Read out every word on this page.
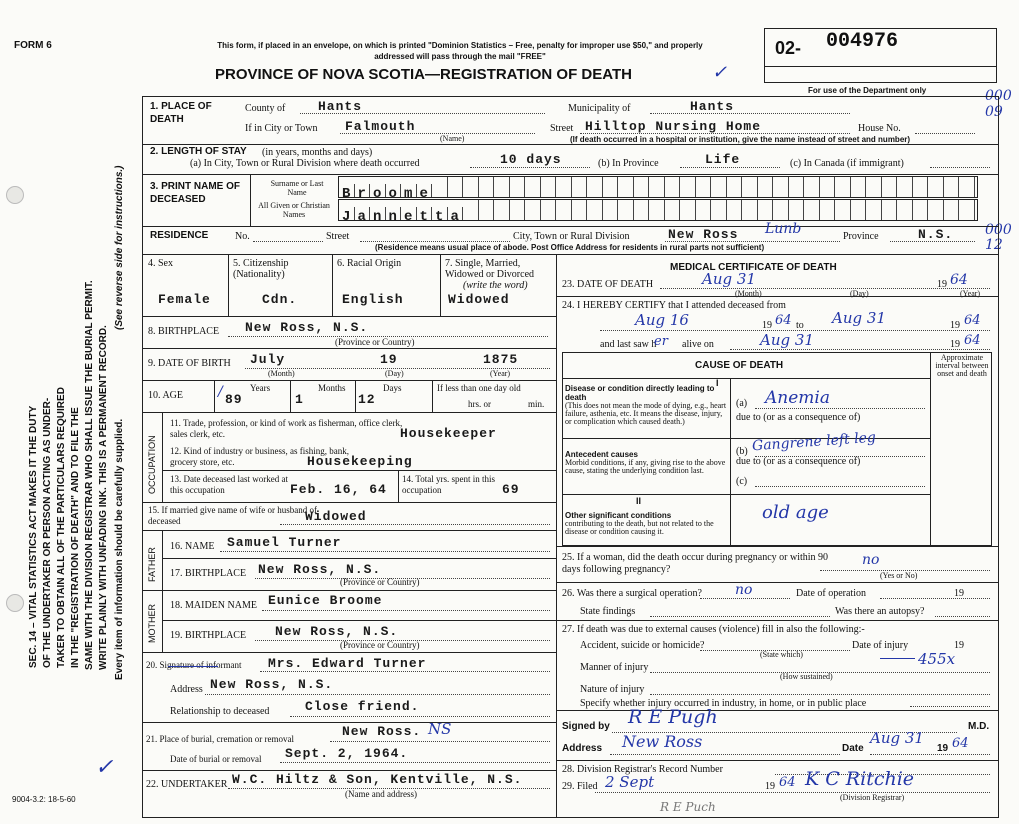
FORM 6	This form, if placed in an envelope, on which is printed "Dominion Statistics – Free, penalty for improper use $50," and properly addressed will pass through the mail "FREE"
PROVINCE OF NOVA SCOTIA—REGISTRATION OF DEATH	✓
02- 004976
For use of the Department only	000
09
000
12
SEC. 14 – VITAL STATISTICS ACT MAKES IT THE DUTY OF THE UNDERTAKER OR PERSON ACTING AS UNDER- TAKER TO OBTAIN ALL OF THE PARTICULARS REQUIRED IN THE "REGISTRATION OF DEATH" AND TO FILE THE SAME WITH THE DIVISION REGISTRAR WHO SHALL ISSUE THE BURIAL PERMIT. WRITE PLAINLY WITH UNFADING INK. THIS IS A PERMANENT RECORD.
(See reverse side for instructions.)
Every item of information should be carefully supplied.
✓
9004-3.2: 18-5-60
1. PLACE OF DEATH
County of	Hants	Municipality of	Hants
If in City or Town Falmouth
(Name)
Street Hilltop Nursing Home	House No.
(If death occurred in a hospital or institution, give the name instead of street and number)
2. LENGTH OF STAY (in years, months and days)
(a) In City, Town or Rural Division where death occurred	10 days	(b) In Province	Life	(c) In Canada (if immigrant)
3. PRINT NAME OF DECEASED
Surname or Last Name
All Given or Christian Names
B r o o m e
J a n n e t t a
RESIDENCE	No.	Street	City, Town or Rural Division	New Ross Lunb	Province	N.S.
(Residence means usual place of abode. Post Office Address for residents in rural parts not sufficient)
4. Sex	5. Citizenship (Nationality)
6. Racial Origin	7. Single, Married, Widowed or Divorced
(write the word)
Female	Cdn.	English	Widowed
8. BIRTHPLACE New Ross, N.S.
(Province or Country)
9. DATE OF BIRTH July	19	1875
(Month)	(Day)	(Year)
10. AGE
Years
89
Months
1
Days
12
If less than one day old
hrs. or	min.
/
OCCUPATION
11. Trade, profession, or kind of work as fisherman, office clerk, sales clerk, etc.	Housekeeper
12. Kind of industry or business, as fishing, bank, grocery store, etc.	Housekeeping
13. Date deceased last worked at this occupation	Feb. 16, 64
14. Total yrs. spent in this occupation	69
15. If married give name of wife or husband of deceased	Widowed
FATHER
16. NAME Samuel Turner
17. BIRTHPLACE New Ross, N.S.
(Province or Country)
MOTHER 18. MAIDEN NAME Eunice Broome
19. BIRTHPLACE New Ross, N.S.
(Province or Country)
20. Signature of informant Mrs. Edward Turner
Address New Ross, N.S.
Relationship to deceased	Close friend.
21. Place of burial, cremation or removal	New Ross. NS
Date of burial or removal Sept. 2, 1964.
22. UNDERTAKER W.C. Hiltz & Son, Kentville, N.S.
(Name and address)
MEDICAL CERTIFICATE OF DEATH
23. DATE OF DEATH	Aug 31	19 64
(Month)	(Day)	(Year)
24. I HEREBY CERTIFY that I attended deceased from
Aug 16	19 64 to Aug 31	19 64
and last saw h
er alive on	Aug 31	19 64
CAUSE OF DEATH
Approximate interval between onset and death
I
Disease or condition directly leading to death
(This does not mean the mode of dying, e.g., heart failure, asthenia, etc. It means the disease, injury, or complication which caused death.)
(a) Anemia
due to (or as a consequence of)
(b) Gangrene left leg
Antecedent causes
Morbid conditions, if any, giving rise to the above cause, stating the underlying condition last.
due to (or as a consequence of)
(c)
II
Other significant conditions
contributing to the death, but not related to the disease or condition causing it.
old age
25. If a woman, did the death occur during pregnancy or within 90 days following pregnancy?
no
(Yes or No)
26. Was there a surgical operation? no	Date of operation	19
State findings	Was there an autopsy?
27. If death was due to external causes (violence) fill in also the following:-
Accident, suicide or homicide?
(State which)
Date of injury	19
Manner of injury	455x
(How sustained)
Nature of injury
Specify whether injury occurred in industry, in home, or in public place
Signed by R E Pugh	M.D.
Address New Ross	Date
Aug 31
19 64
28. Division Registrar's Record Number
29. Filed 2 Sept	19 64 K C Ritchie
(Division Registrar)
R E Puch
